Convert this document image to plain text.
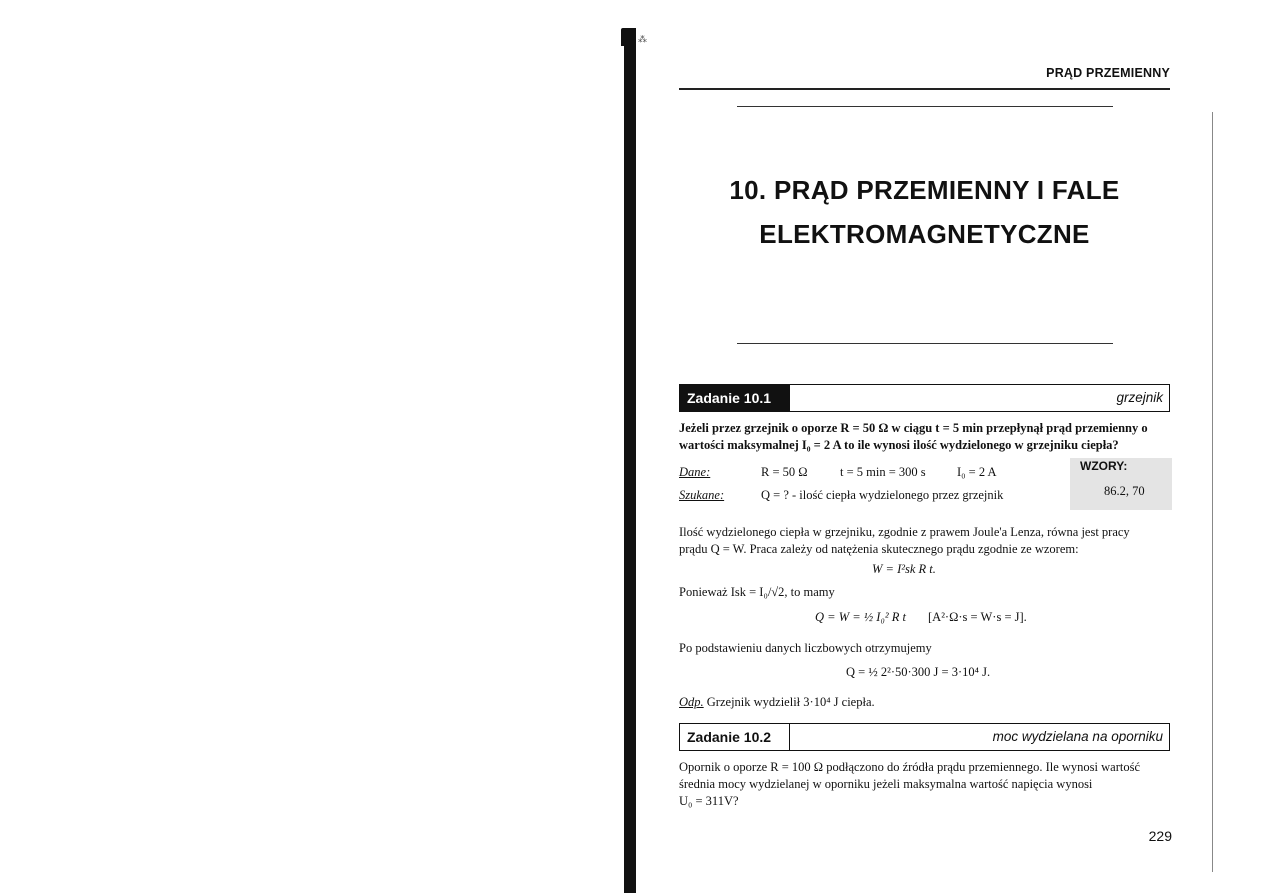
⁂
PRĄD PRZEMIENNY
10. PRĄD PRZEMIENNY I FALE
ELEKTROMAGNETYCZNE
Zadanie 10.1	grzejnik
Jeżeli przez grzejnik o oporze R = 50 Ω w ciągu t = 5 min przepłynął prąd przemienny o
wartości maksymalnej I₀ = 2 A to ile wynosi ilość wydzielonego w grzejniku ciepła?
WZORY:
86.2, 70
Dane:	R = 50 Ω	t = 5 min = 300 s	I₀ = 2 A
Szukane:	Q = ? - ilość ciepła wydzielonego przez grzejnik
Ilość wydzielonego ciepła w grzejniku, zgodnie z prawem Joule'a Lenza, równa jest pracy
prądu Q = W. Praca zależy od natężenia skutecznego prądu zgodnie ze wzorem:
W = I²sk R t.
Ponieważ Isk = I₀/√2, to mamy
Q = W = ½ I₀² R t [A²·Ω·s = W·s = J].
Po podstawieniu danych liczbowych otrzymujemy
Q = ½ 2²·50·300 J = 3·10⁴ J.
Odp. Grzejnik wydzielił 3·10⁴ J ciepła.
Zadanie 10.2	moc wydzielana na oporniku
Opornik o oporze R = 100 Ω podłączono do źródła prądu przemiennego. Ile wynosi wartość
średnia mocy wydzielanej w oporniku jeżeli maksymalna wartość napięcia wynosi
U₀ = 311V?
229
